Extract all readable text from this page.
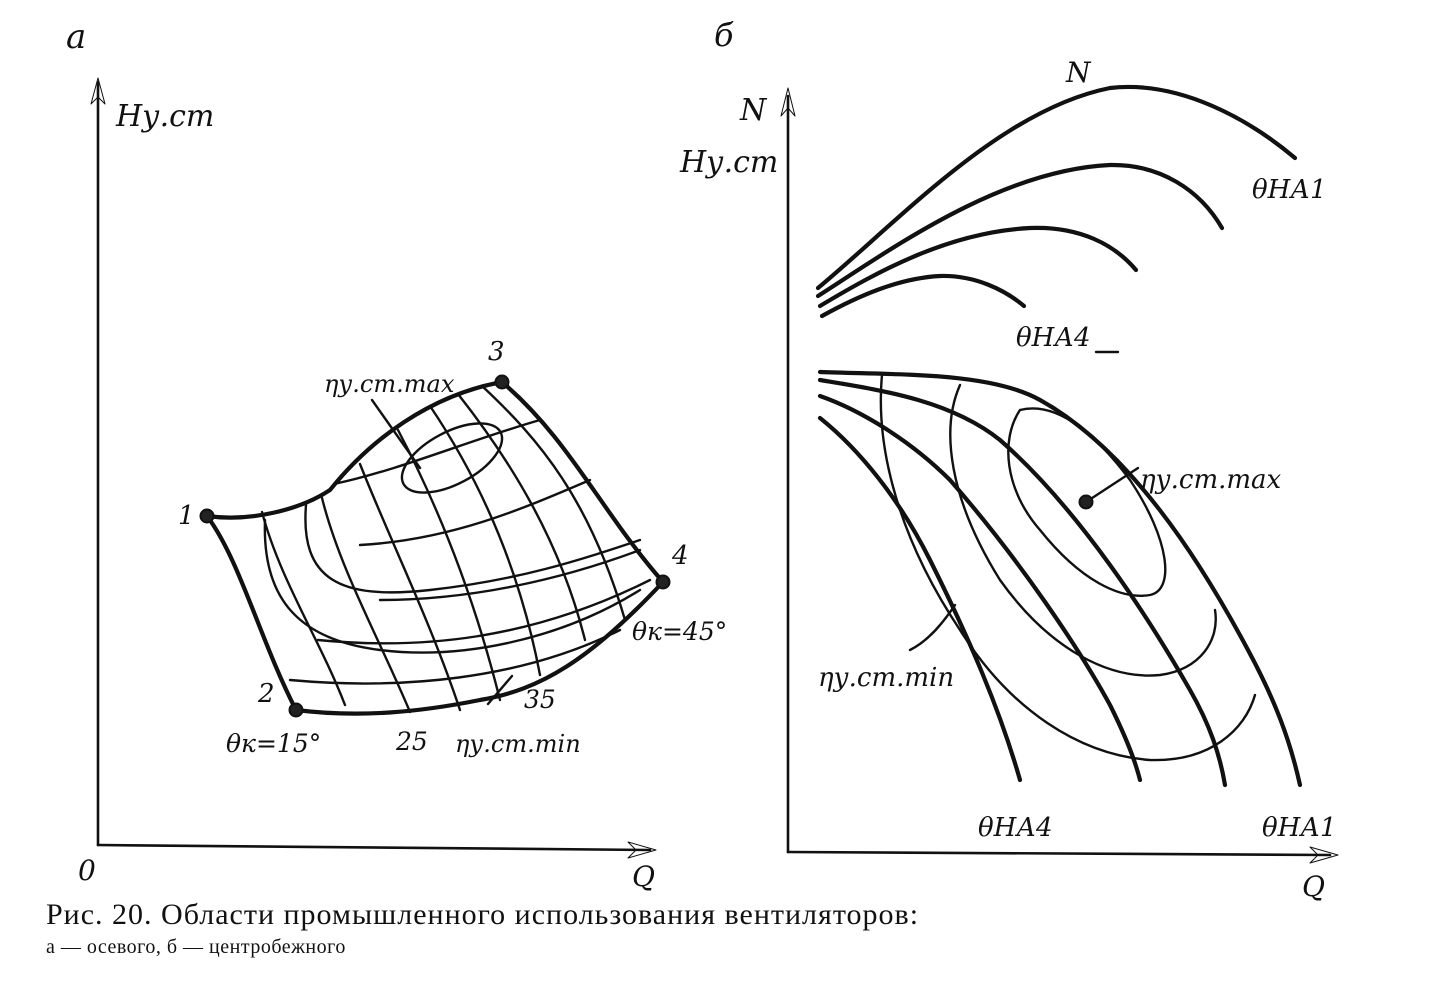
а
Hу.ст
Q
0
1
2
3
4
ηу.ст.max
ηу.ст.min
θк=15°
θк=45°
25
35
б
N
Hу.ст
Q
N
θНА1
θНА4
ηу.ст.max
ηу.ст.min
θНА4	θНА1
Рис. 20. Области промышленного использования вентиляторов:
а — осевого, б — центробежного
